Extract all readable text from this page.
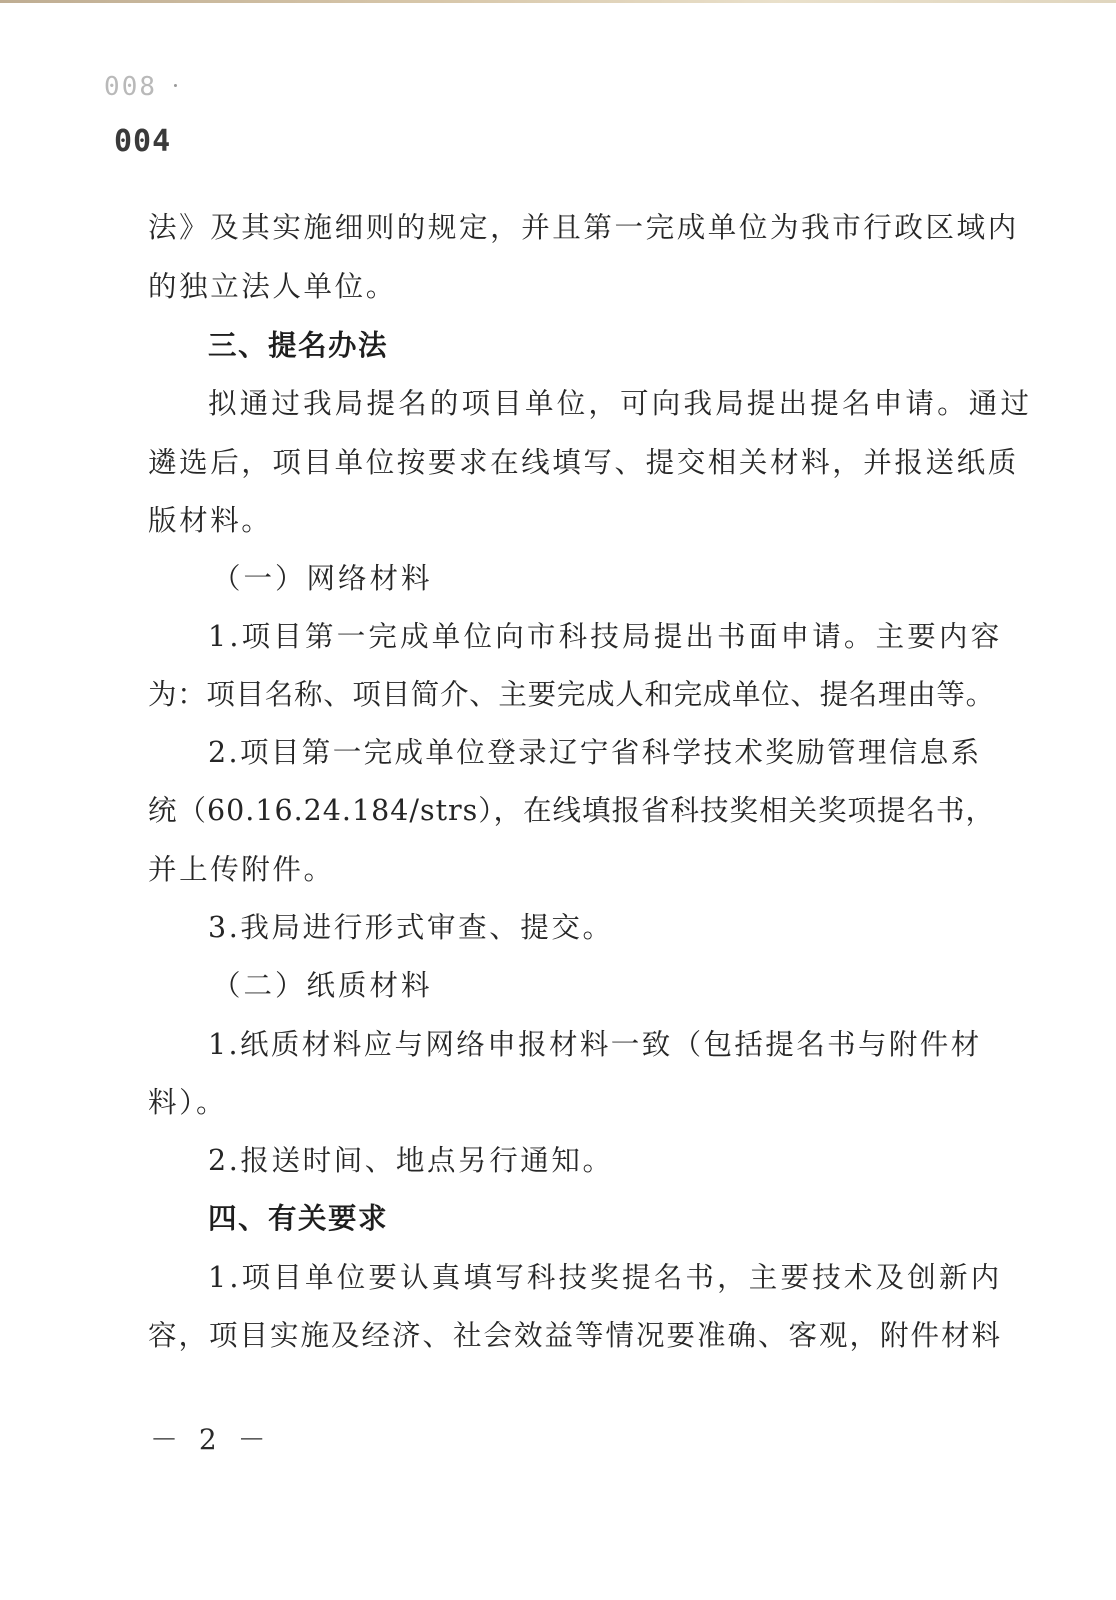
800
004
法》及其实施细则的规定，并且第一完成单位为我市行政区域内
的独立法人单位。
三、提名办法
拟通过我局提名的项目单位，可向我局提出提名申请。通过
遴选后，项目单位按要求在线填写、提交相关材料，并报送纸质
版材料。
（一）网络材料
1.项目第一完成单位向市科技局提出书面申请。主要内容
为：项目名称、项目简介、主要完成人和完成单位、提名理由等。
2.项目第一完成单位登录辽宁省科学技术奖励管理信息系
统（60.16.24.184/strs），在线填报省科技奖相关奖项提名书，
并上传附件。
3.我局进行形式审查、提交。
（二）纸质材料
1.纸质材料应与网络申报材料一致（包括提名书与附件材
料）。
2.报送时间、地点另行通知。
四、有关要求
1.项目单位要认真填写科技奖提名书，主要技术及创新内
容，项目实施及经济、社会效益等情况要准确、客观，附件材料
－ 2 －
